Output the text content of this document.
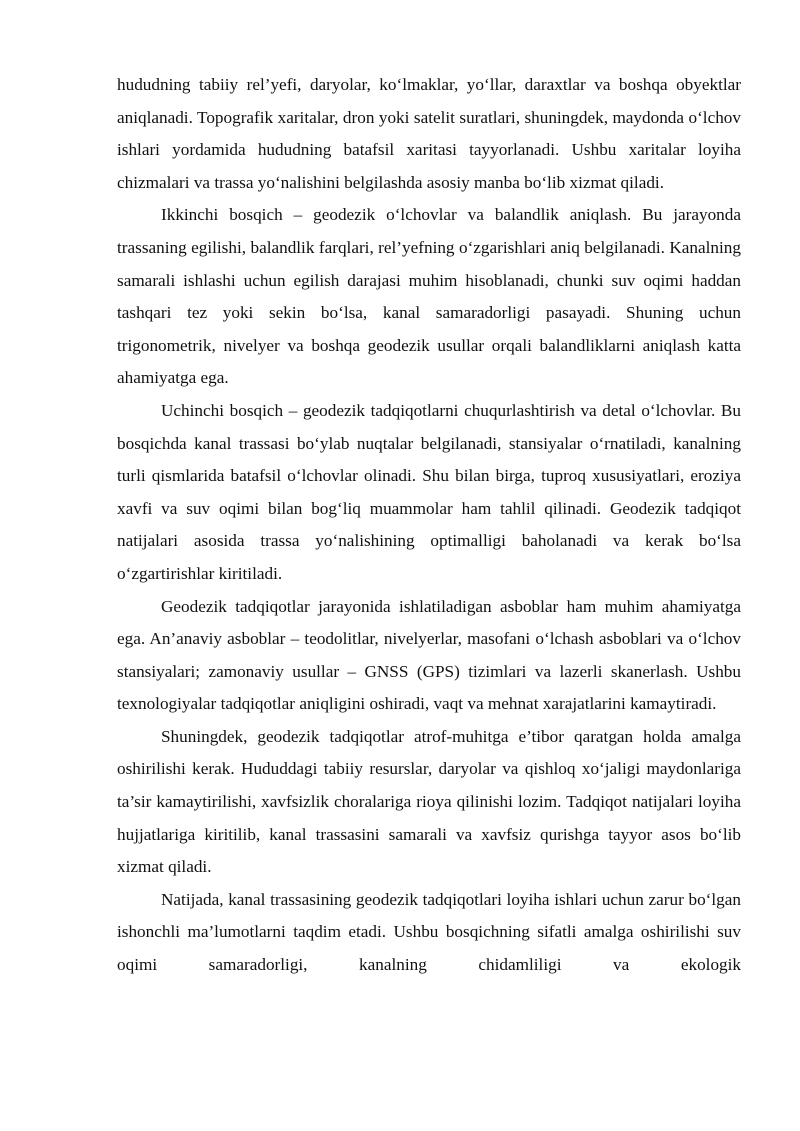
hududning tabiiy rel’yefi, daryolar, ko‘lmaklar, yo‘llar, daraxtlar va boshqa obyektlar aniqlanadi. Topografik xaritalar, dron yoki satelit suratlari, shuningdek, maydonda o‘lchov ishlari yordamida hududning batafsil xaritasi tayyorlanadi. Ushbu xaritalar loyiha chizmalari va trassa yo‘nalishini belgilashda asosiy manba bo‘lib xizmat qiladi.

Ikkinchi bosqich – geodezik o‘lchovlar va balandlik aniqlash. Bu jarayonda trassaning egilishi, balandlik farqlari, rel’yefning o‘zgarishlari aniq belgilanadi. Kanalning samarali ishlashi uchun egilish darajasi muhim hisoblanadi, chunki suv oqimi haddan tashqari tez yoki sekin bo‘lsa, kanal samaradorligi pasayadi. Shuning uchun trigonometrik, nivelyer va boshqa geodezik usullar orqali balandliklarni aniqlash katta ahamiyatga ega.

Uchinchi bosqich – geodezik tadqiqotlarni chuqurlashtirish va detal o‘lchovlar. Bu bosqichda kanal trassasi bo‘ylab nuqtalar belgilanadi, stansiyalar o‘rnatiladi, kanalning turli qismlarida batafsil o‘lchovlar olinadi. Shu bilan birga, tuproq xususiyatlari, eroziya xavfi va suv oqimi bilan bog‘liq muammolar ham tahlil qilinadi. Geodezik tadqiqot natijalari asosida trassa yo‘nalishining optimalligi baholanadi va kerak bo‘lsa o‘zgartirishlar kiritiladi.

Geodezik tadqiqotlar jarayonida ishlatiladigan asboblar ham muhim ahamiyatga ega. An’anaviy asboblar – teodolitlar, nivelyerlar, masofani o‘lchash asboblari va o‘lchov stansiyalari; zamonaviy usullar – GNSS (GPS) tizimlari va lazerli skanerlash. Ushbu texnologiyalar tadqiqotlar aniqligini oshiradi, vaqt va mehnat xarajatlarini kamaytiradi.

Shuningdek, geodezik tadqiqotlar atrof-muhitga e’tibor qaratgan holda amalga oshirilishi kerak. Hududdagi tabiiy resurslar, daryolar va qishloq xo‘jaligi maydonlariga ta’sir kamaytirilishi, xavfsizlik choralariga rioya qilinishi lozim. Tadqiqot natijalari loyiha hujjatlariga kiritilib, kanal trassasini samarali va xavfsiz qurishga tayyor asos bo‘lib xizmat qiladi.

Natijada, kanal trassasining geodezik tadqiqotlari loyiha ishlari uchun zarur bo‘lgan ishonchli ma’lumotlarni taqdim etadi. Ushbu bosqichning sifatli amalga oshirilishi suv oqimi samaradorligi, kanalning chidamliligi va ekologik
